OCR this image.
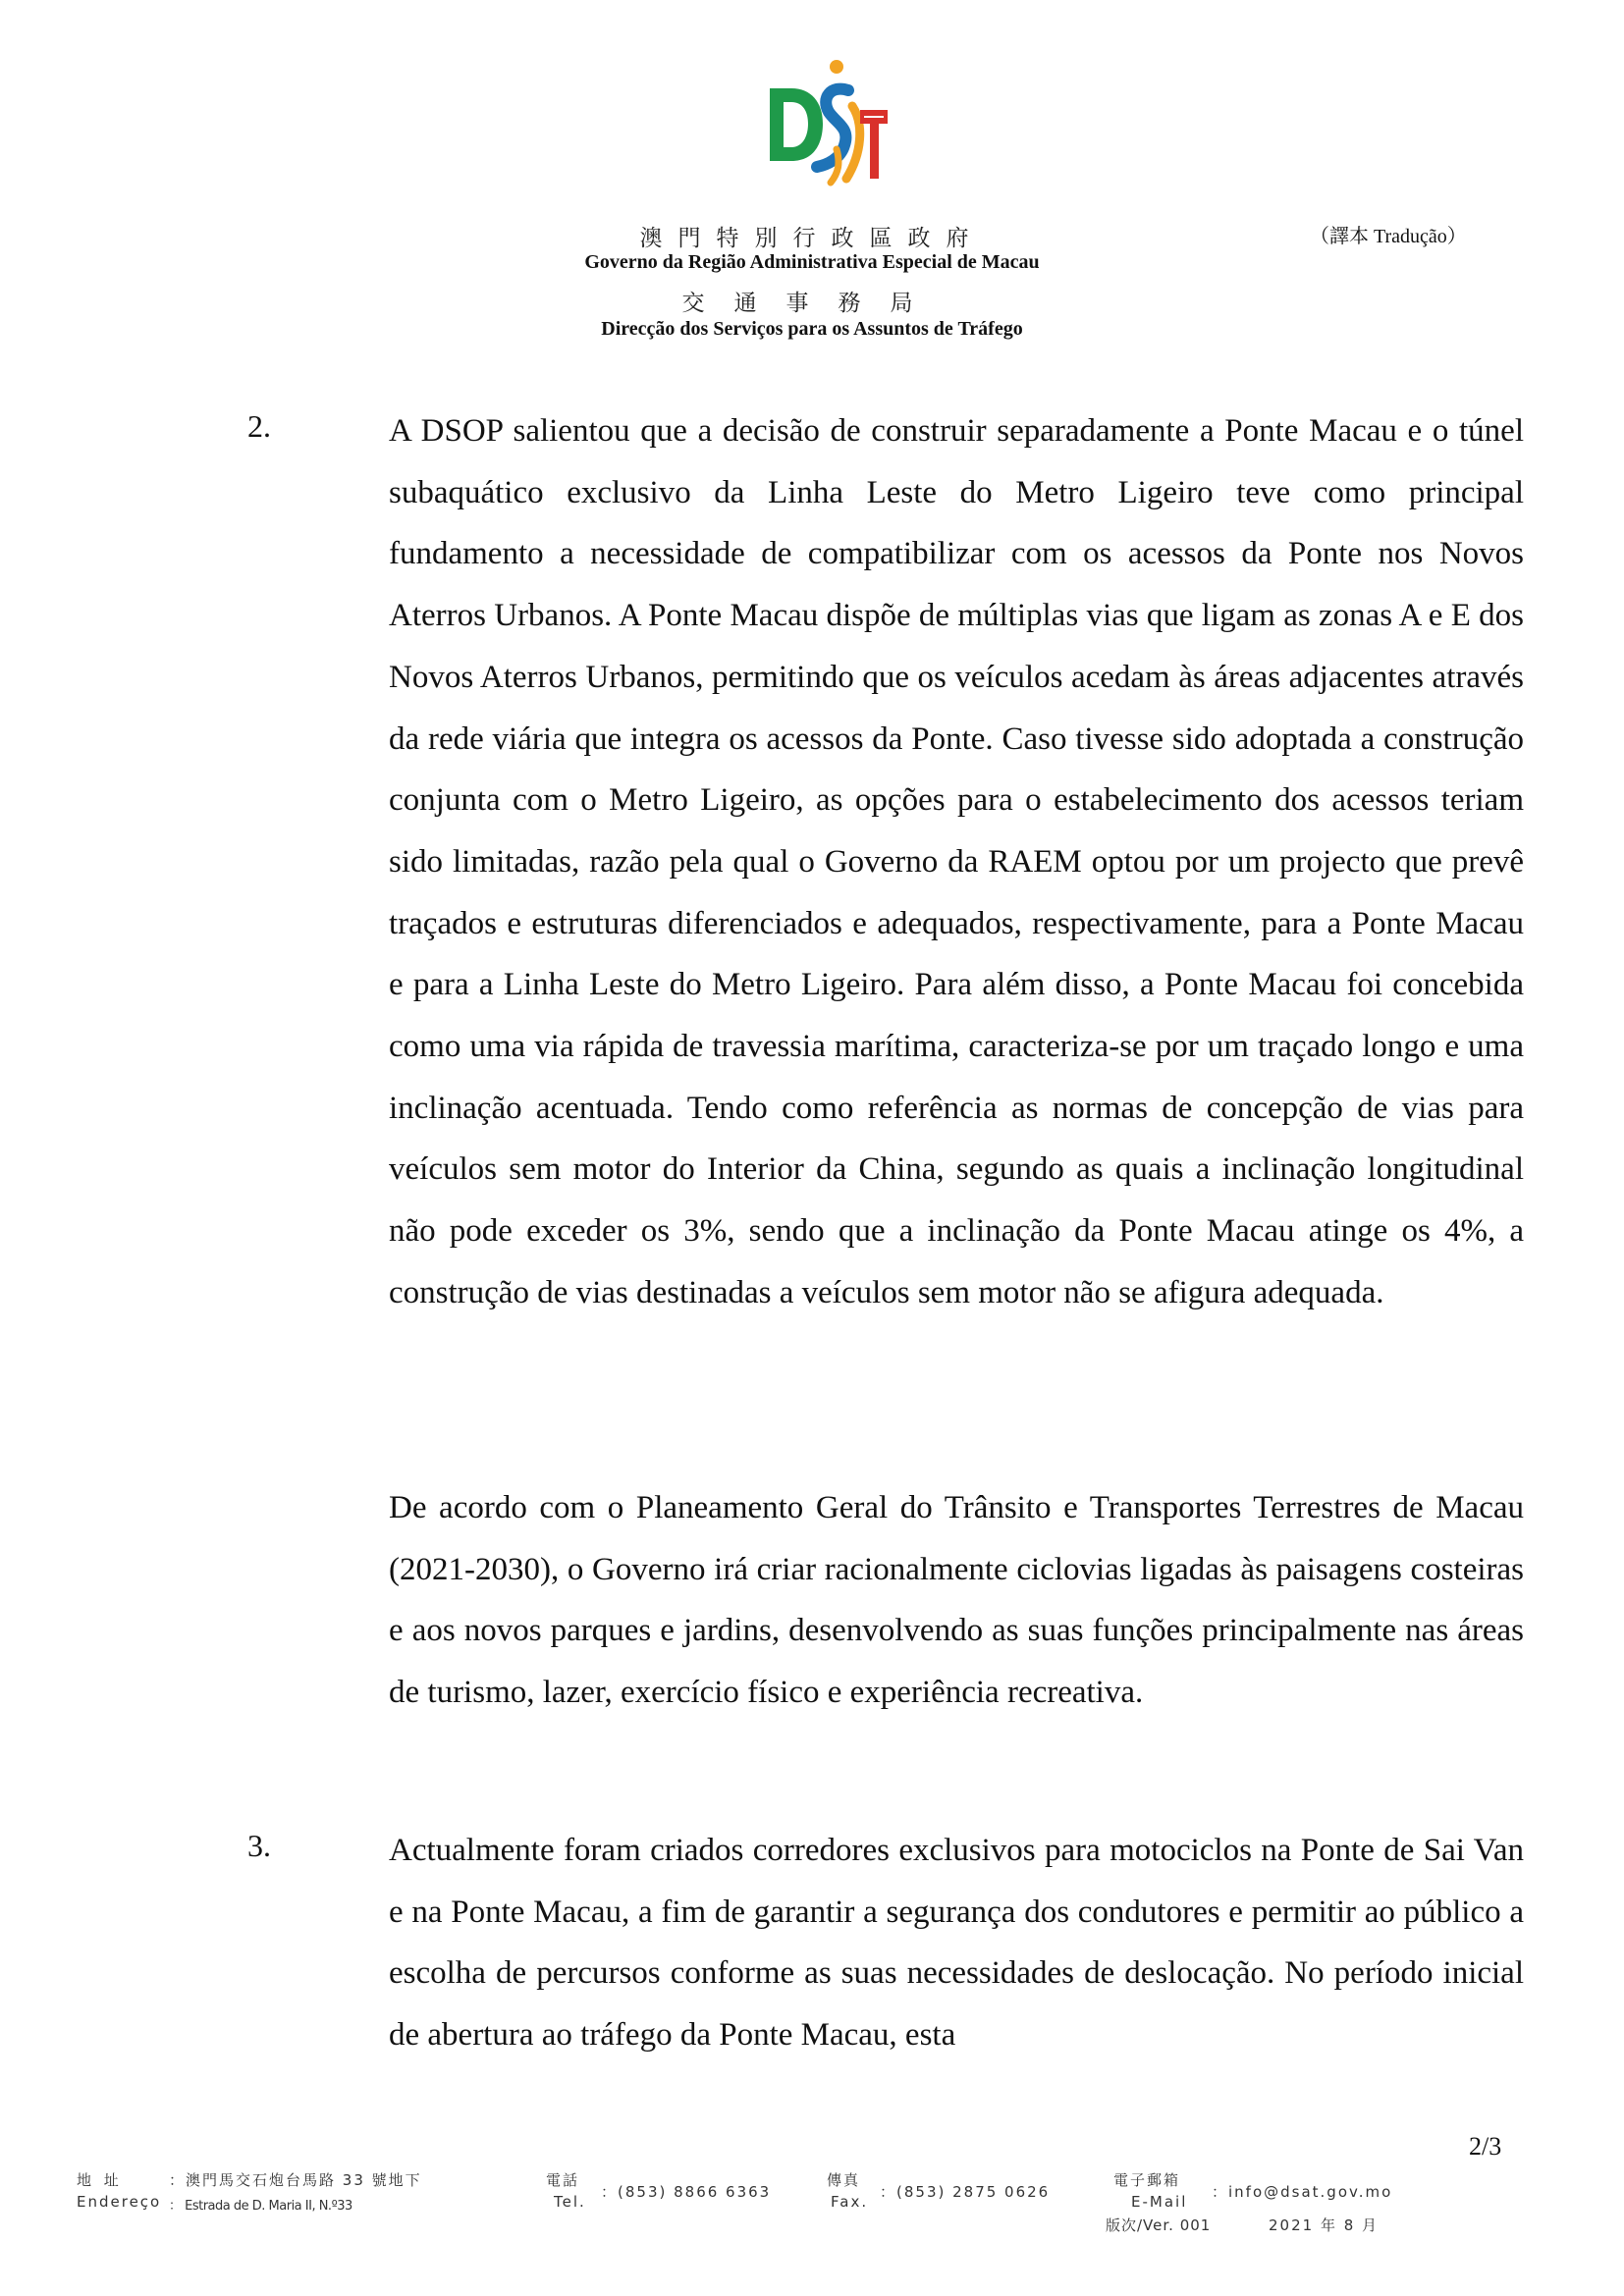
澳門特別行政區政府
Governo da Região Administrativa Especial de Macau
交通事務局
Direcção dos Serviços para os Assuntos de Tráfego
（譯本 Tradução）
2.	A DSOP salientou que a decisão de construir separadamente a Ponte Macau e o túnel subaquático exclusivo da Linha Leste do Metro Ligeiro teve como principal fundamento a necessidade de compatibilizar com os acessos da Ponte nos Novos Aterros Urbanos. A Ponte Macau dispõe de múltiplas vias que ligam as zonas A e E dos Novos Aterros Urbanos, permitindo que os veículos acedam às áreas adjacentes através da rede viária que integra os acessos da Ponte. Caso tivesse sido adoptada a construção conjunta com o Metro Ligeiro, as opções para o estabelecimento dos acessos teriam sido limitadas, razão pela qual o Governo da RAEM optou por um projecto que prevê traçados e estruturas diferenciados e adequados, respectivamente, para a Ponte Macau e para a Linha Leste do Metro Ligeiro. Para além disso, a Ponte Macau foi concebida como uma via rápida de travessia marítima, caracteriza-se por um traçado longo e uma inclinação acentuada. Tendo como referência as normas de concepção de vias para veículos sem motor do Interior da China, segundo as quais a inclinação longitudinal não pode exceder os 3%, sendo que a inclinação da Ponte Macau atinge os 4%, a construção de vias destinadas a veículos sem motor não se afigura adequada.

De acordo com o Planeamento Geral do Trânsito e Transportes Terrestres de Macau (2021-2030), o Governo irá criar racionalmente ciclovias ligadas às paisagens costeiras e aos novos parques e jardins, desenvolvendo as suas funções principalmente nas áreas de turismo, lazer, exercício físico e experiência recreativa.

3.	Actualmente foram criados corredores exclusivos para motociclos na Ponte de Sai Van e na Ponte Macau, a fim de garantir a segurança dos condutores e permitir ao público a escolha de percursos conforme as suas necessidades de deslocação. No período inicial de abertura ao tráfego da Ponte Macau, esta

2/3
地 址
Endereço
：澳門馬交石炮台馬路 33 號地下
： Estrada de D. Maria II, N.º33
電話
Tel.
：(853) 8866 6363
傳真
Fax.
：(853) 2875 0626
電子郵箱
E-Mail
：info@dsat.gov.mo
版次/Ver. 001	2021 年 8 月
